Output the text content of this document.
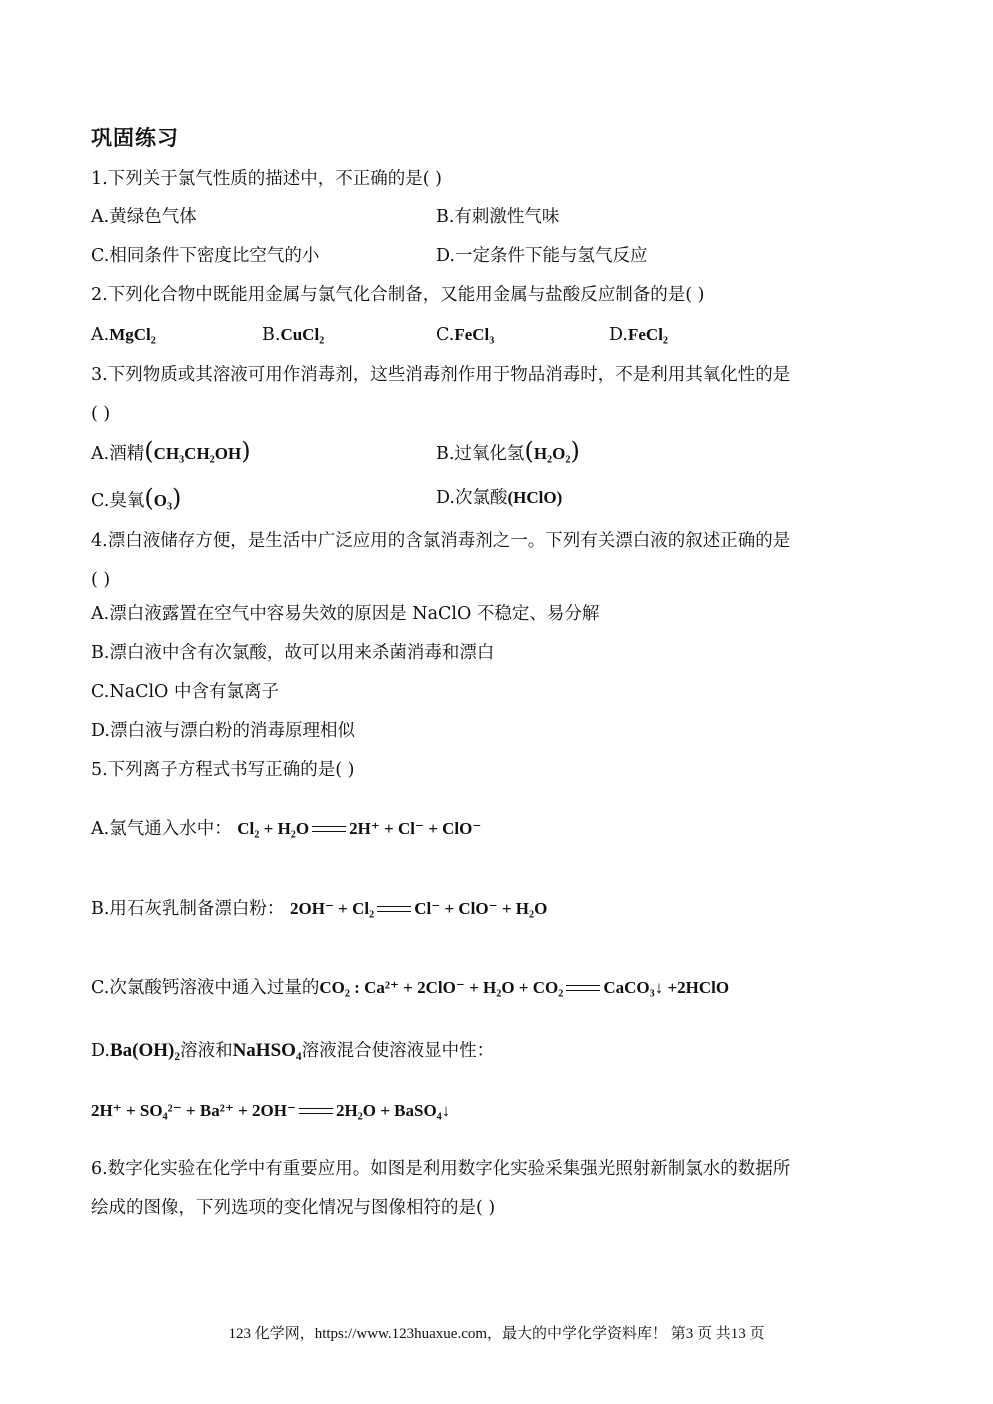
巩固练习
1.下列关于氯气性质的描述中，不正确的是( )
A.黄绿色气体	B.有刺激性气味
C.相同条件下密度比空气的小	D.一定条件下能与氢气反应
2.下列化合物中既能用金属与氯气化合制备，又能用金属与盐酸反应制备的是( )
A.MgCl₂	B.CuCl₂	C.FeCl₃	D.FeCl₂
3.下列物质或其溶液可用作消毒剂，这些消毒剂作用于物品消毒时，不是利用其氧化性的是
( )
A.酒精(CH₃CH₂OH)	B.过氧化氢(H₂O₂)
C.臭氧(O₃)	D.次氯酸(HClO)
4.漂白液储存方便，是生活中广泛应用的含氯消毒剂之一。下列有关漂白液的叙述正确的是
( )
A.漂白液露置在空气中容易失效的原因是 NaClO 不稳定、易分解
B.漂白液中含有次氯酸，故可以用来杀菌消毒和漂白
C.NaClO 中含有氯离子
D.漂白液与漂白粉的消毒原理相似
5.下列离子方程式书写正确的是( )
A.氯气通入水中： Cl₂ + H₂O 2H⁺ + Cl⁻ + ClO⁻
B.用石灰乳制备漂白粉： 2OH⁻ + Cl₂ Cl⁻ + ClO⁻ + H₂O
C.次氯酸钙溶液中通入过量的CO₂ : Ca²⁺ + 2ClO⁻ + H₂O + CO₂ CaCO₃↓ +2HClO
D.Ba(OH)₂溶液和NaHSO₄溶液混合使溶液显中性：
2H⁺ + SO₄²⁻ + Ba²⁺ + 2OH⁻ 2H₂O + BaSO₄↓
6.数字化实验在化学中有重要应用。如图是利用数字化实验采集强光照射新制氯水的数据所
绘成的图像，下列选项的变化情况与图像相符的是( )
123 化学网，https://www.123huaxue.com，最大的中学化学资料库！ 第3 页 共13 页
